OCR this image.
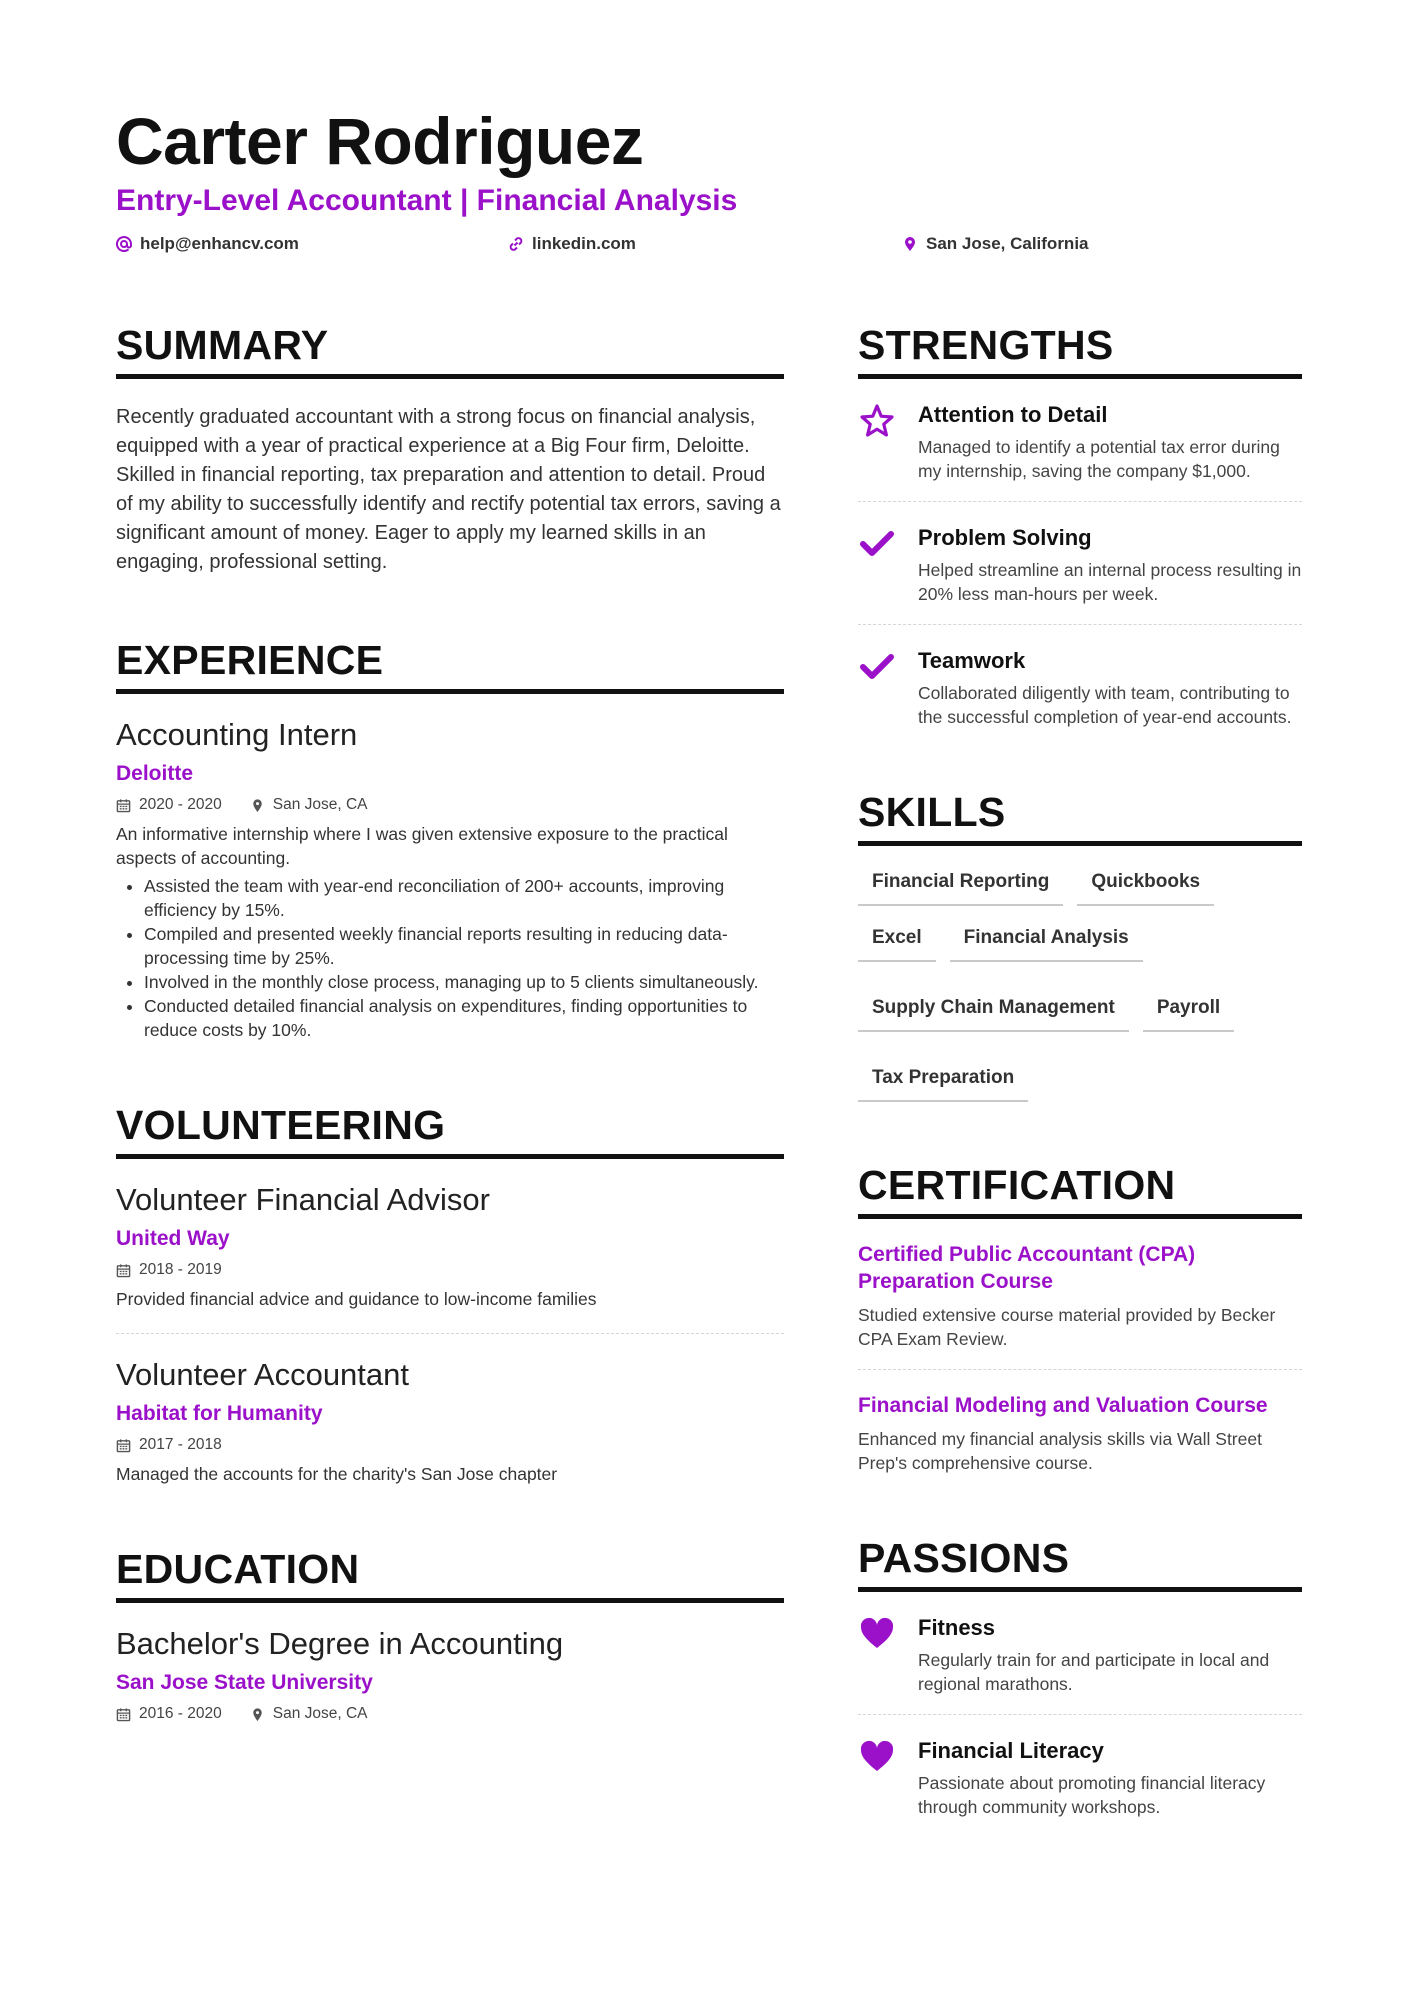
Carter Rodriguez
Entry-Level Accountant | Financial Analysis
help@enhancv.com	linkedin.com	San Jose, California
SUMMARY
Recently graduated accountant with a strong focus on financial analysis, equipped with a year of practical experience at a Big Four firm, Deloitte. Skilled in financial reporting, tax preparation and attention to detail. Proud of my ability to successfully identify and rectify potential tax errors, saving a significant amount of money. Eager to apply my learned skills in an engaging, professional setting.
EXPERIENCE
Accounting Intern
Deloitte
2020 - 2020	San Jose, CA
An informative internship where I was given extensive exposure to the practical aspects of accounting.
• Assisted the team with year-end reconciliation of 200+ accounts, improving efficiency by 15%.
• Compiled and presented weekly financial reports resulting in reducing data-processing time by 25%.
• Involved in the monthly close process, managing up to 5 clients simultaneously.
• Conducted detailed financial analysis on expenditures, finding opportunities to reduce costs by 10%.
VOLUNTEERING
Volunteer Financial Advisor
United Way
2018 - 2019
Provided financial advice and guidance to low-income families
Volunteer Accountant
Habitat for Humanity
2017 - 2018
Managed the accounts for the charity's San Jose chapter
EDUCATION
Bachelor's Degree in Accounting
San Jose State University
2016 - 2020	San Jose, CA
STRENGTHS
Attention to Detail
Managed to identify a potential tax error during my internship, saving the company $1,000.
Problem Solving
Helped streamline an internal process resulting in 20% less man-hours per week.
Teamwork
Collaborated diligently with team, contributing to the successful completion of year-end accounts.
SKILLS
Financial Reporting	Quickbooks
Excel	Financial Analysis
Supply Chain Management	Payroll
Tax Preparation
CERTIFICATION
Certified Public Accountant (CPA) Preparation Course
Studied extensive course material provided by Becker CPA Exam Review.
Financial Modeling and Valuation Course
Enhanced my financial analysis skills via Wall Street Prep's comprehensive course.
PASSIONS
Fitness
Regularly train for and participate in local and regional marathons.
Financial Literacy
Passionate about promoting financial literacy through community workshops.
